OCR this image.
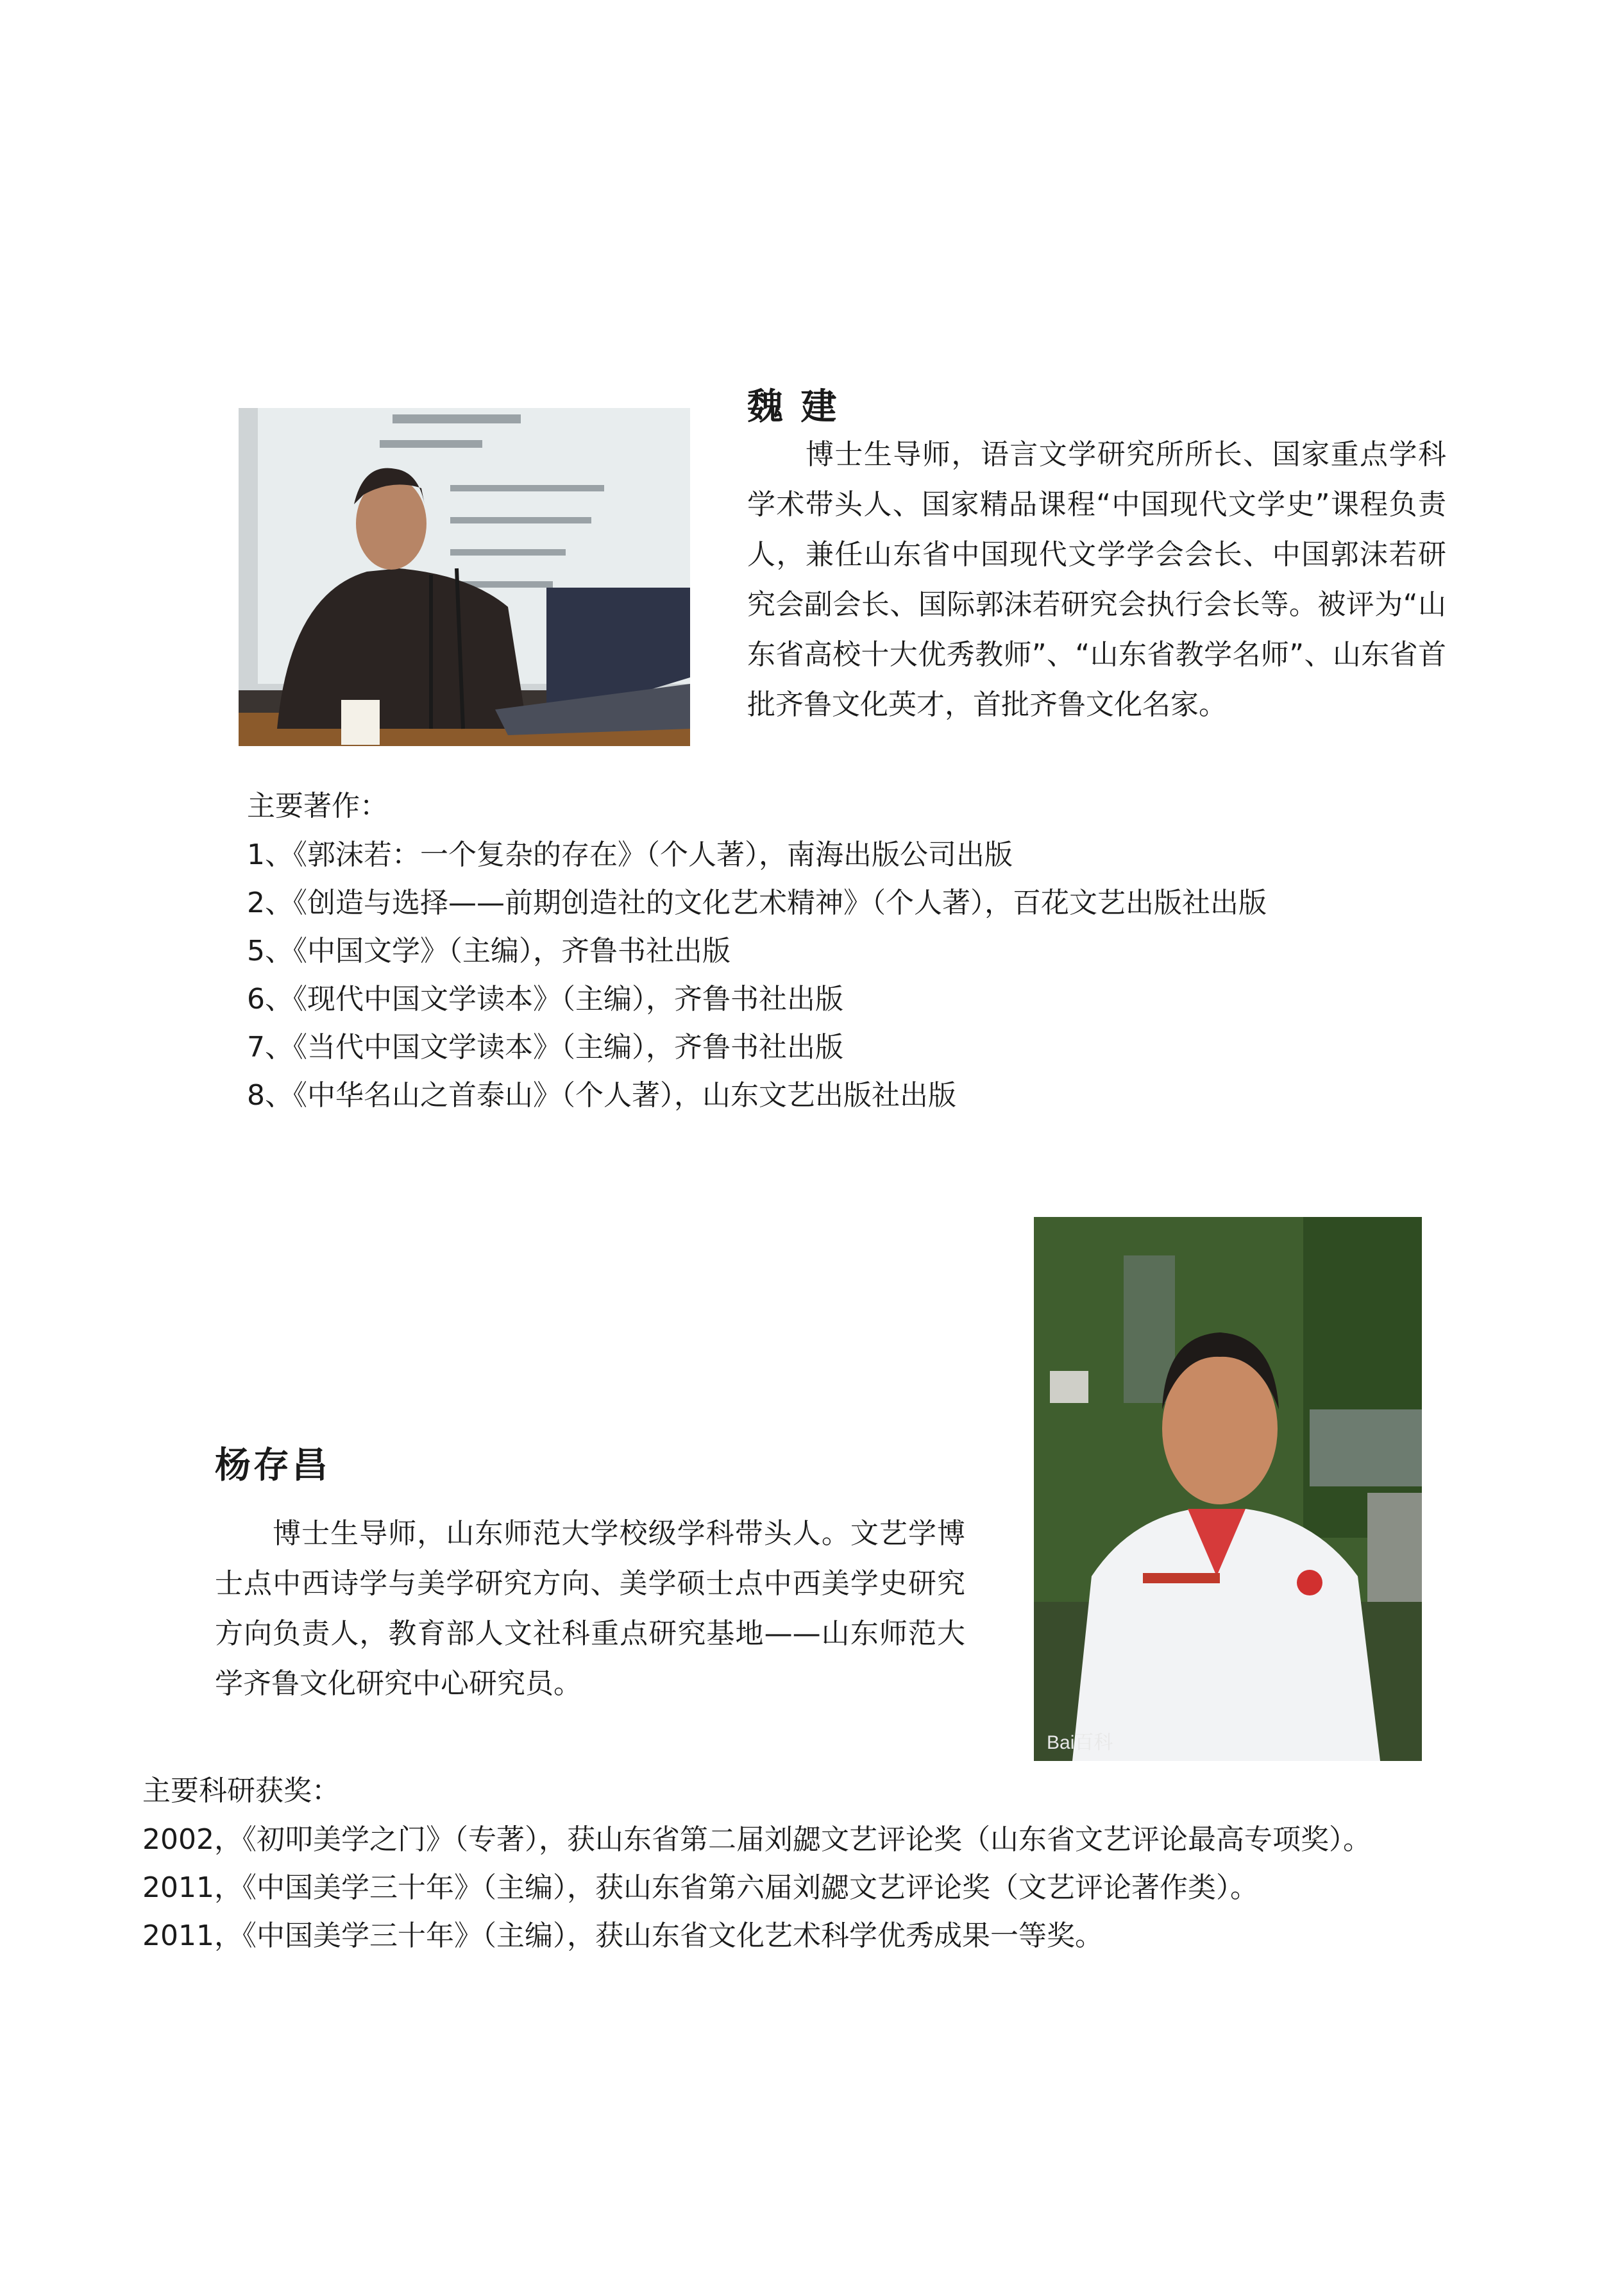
魏 建

　　博士生导师，语言文学研究所所长、国家重点学科学术带头人、国家精品课程“中国现代文学史”课程负责人，兼任山东省中国现代文学学会会长、中国郭沫若研究会副会长、国际郭沫若研究会执行会长等。被评为“山东省高校十大优秀教师”、“山东省教学名师”、山东省首批齐鲁文化英才，首批齐鲁文化名家。

主要著作：

1、《郭沫若：一个复杂的存在》（个人著），南海出版公司出版
2、《创造与选择——前期创造社的文化艺术精神》（个人著），百花文艺出版社出版
5、《中国文学》（主编），齐鲁书社出版
6、《现代中国文学读本》（主编），齐鲁书社出版
7、《当代中国文学读本》（主编），齐鲁书社出版
8、《中华名山之首泰山》（个人著），山东文艺出版社出版
Bai百科
杨存昌

　　博士生导师，山东师范大学校级学科带头人。文艺学博士点中西诗学与美学研究方向、美学硕士点中西美学史研究方向负责人，教育部人文社科重点研究基地——山东师范大学齐鲁文化研究中心研究员。

主要科研获奖：

2002，《初叩美学之门》（专著），获山东省第二届刘勰文艺评论奖（山东省文艺评论最高专项奖）。
2011，《中国美学三十年》（主编），获山东省第六届刘勰文艺评论奖（文艺评论著作类）。
2011，《中国美学三十年》（主编），获山东省文化艺术科学优秀成果一等奖。
